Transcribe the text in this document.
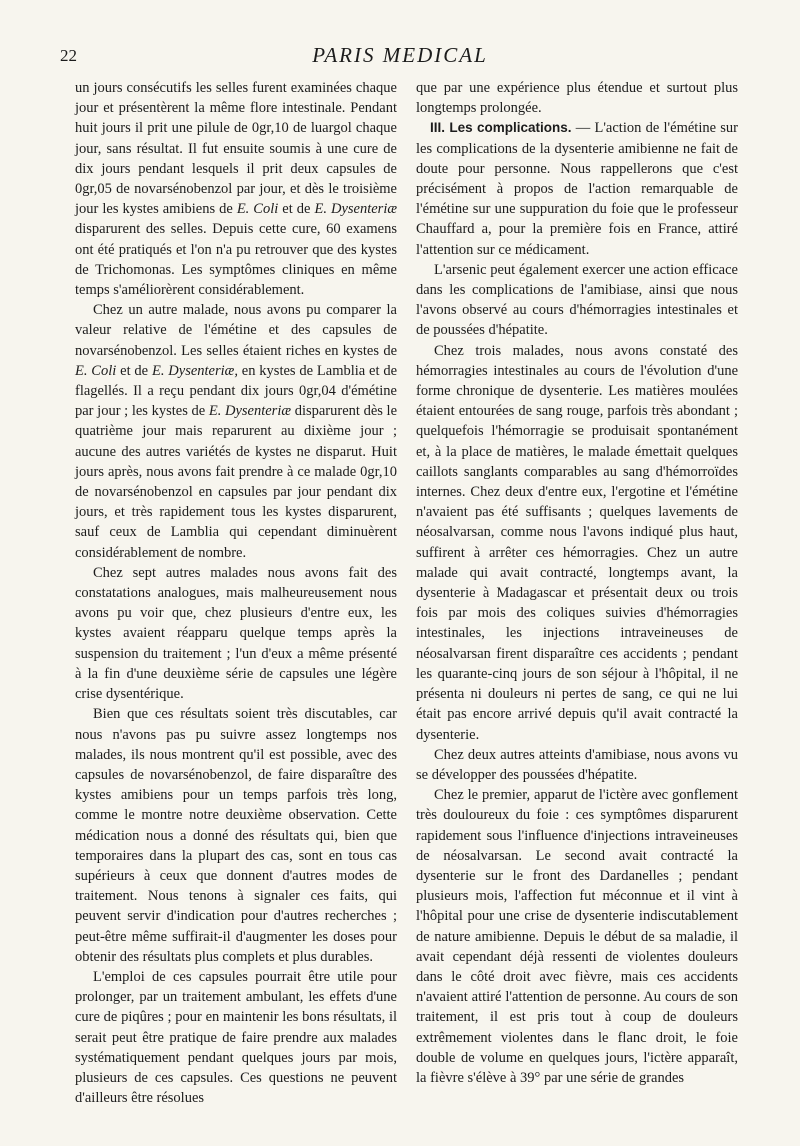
22	PARIS MEDICAL

un jours consécutifs les selles furent examinées chaque jour et présentèrent la même flore intestinale. Pendant huit jours il prit une pilule de 0gr,10 de luargol chaque jour, sans résultat. Il fut ensuite soumis à une cure de dix jours pendant lesquels il prit deux capsules de 0gr,05 de novarsénobenzol par jour, et dès le troisième jour les kystes amibiens de E. Coli et de E. Dysenteriæ disparurent des selles. Depuis cette cure, 60 examens ont été pratiqués et l'on n'a pu retrouver que des kystes de Trichomonas. Les symptômes cliniques en même temps s'améliorèrent considérablement.

Chez un autre malade, nous avons pu comparer la valeur relative de l'émétine et des capsules de novarsénobenzol. Les selles étaient riches en kystes de E. Coli et de E. Dysenteriæ, en kystes de Lamblia et de flagellés. Il a reçu pendant dix jours 0gr,04 d'émétine par jour ; les kystes de E. Dysenteriæ disparurent dès le quatrième jour mais reparurent au dixième jour ; aucune des autres variétés de kystes ne disparut. Huit jours après, nous avons fait prendre à ce malade 0gr,10 de novarsénobenzol en capsules par jour pendant dix jours, et très rapidement tous les kystes disparurent, sauf ceux de Lamblia qui cependant diminuèrent considérablement de nombre.

Chez sept autres malades nous avons fait des constatations analogues, mais malheureusement nous avons pu voir que, chez plusieurs d'entre eux, les kystes avaient réapparu quelque temps après la suspension du traitement ; l'un d'eux a même présenté à la fin d'une deuxième série de capsules une légère crise dysentérique.

Bien que ces résultats soient très discutables, car nous n'avons pas pu suivre assez longtemps nos malades, ils nous montrent qu'il est possible, avec des capsules de novarsénobenzol, de faire disparaître des kystes amibiens pour un temps parfois très long, comme le montre notre deuxième observation. Cette médication nous a donné des résultats qui, bien que temporaires dans la plupart des cas, sont en tous cas supérieurs à ceux que donnent d'autres modes de traitement. Nous tenons à signaler ces faits, qui peuvent servir d'indication pour d'autres recherches ; peut-être même suffirait-il d'augmenter les doses pour obtenir des résultats plus complets et plus durables.

L'emploi de ces capsules pourrait être utile pour prolonger, par un traitement ambulant, les effets d'une cure de piqûres ; pour en maintenir les bons résultats, il serait peut être pratique de faire prendre aux malades systématiquement pendant quelques jours par mois, plusieurs de ces capsules. Ces questions ne peuvent d'ailleurs être résolues

que par une expérience plus étendue et surtout plus longtemps prolongée.

III. Les complications. — L'action de l'émétine sur les complications de la dysenterie amibienne ne fait de doute pour personne. Nous rappellerons que c'est précisément à propos de l'action remarquable de l'émétine sur une suppuration du foie que le professeur Chauffard a, pour la première fois en France, attiré l'attention sur ce médicament.

L'arsenic peut également exercer une action efficace dans les complications de l'amibiase, ainsi que nous l'avons observé au cours d'hémorragies intestinales et de poussées d'hépatite.

Chez trois malades, nous avons constaté des hémorragies intestinales au cours de l'évolution d'une forme chronique de dysenterie. Les matières moulées étaient entourées de sang rouge, parfois très abondant ; quelquefois l'hémorragie se produisait spontanément et, à la place de matières, le malade émettait quelques caillots sanglants comparables au sang d'hémorroïdes internes. Chez deux d'entre eux, l'ergotine et l'émétine n'avaient pas été suffisants ; quelques lavements de néosalvarsan, comme nous l'avons indiqué plus haut, suffirent à arrêter ces hémorragies. Chez un autre malade qui avait contracté, longtemps avant, la dysenterie à Madagascar et présentait deux ou trois fois par mois des coliques suivies d'hémorragies intestinales, les injections intraveineuses de néosalvarsan firent disparaître ces accidents ; pendant les quarante-cinq jours de son séjour à l'hôpital, il ne présenta ni douleurs ni pertes de sang, ce qui ne lui était pas encore arrivé depuis qu'il avait contracté la dysenterie.

Chez deux autres atteints d'amibiase, nous avons vu se développer des poussées d'hépatite.

Chez le premier, apparut de l'ictère avec gonflement très douloureux du foie : ces symptômes disparurent rapidement sous l'influence d'injections intraveineuses de néosalvarsan. Le second avait contracté la dysenterie sur le front des Dardanelles ; pendant plusieurs mois, l'affection fut méconnue et il vint à l'hôpital pour une crise de dysenterie indiscutablement de nature amibienne. Depuis le début de sa maladie, il avait cependant déjà ressenti de violentes douleurs dans le côté droit avec fièvre, mais ces accidents n'avaient attiré l'attention de personne. Au cours de son traitement, il est pris tout à coup de douleurs extrêmement violentes dans le flanc droit, le foie double de volume en quelques jours, l'ictère apparaît, la fièvre s'élève à 39° par une série de grandes
